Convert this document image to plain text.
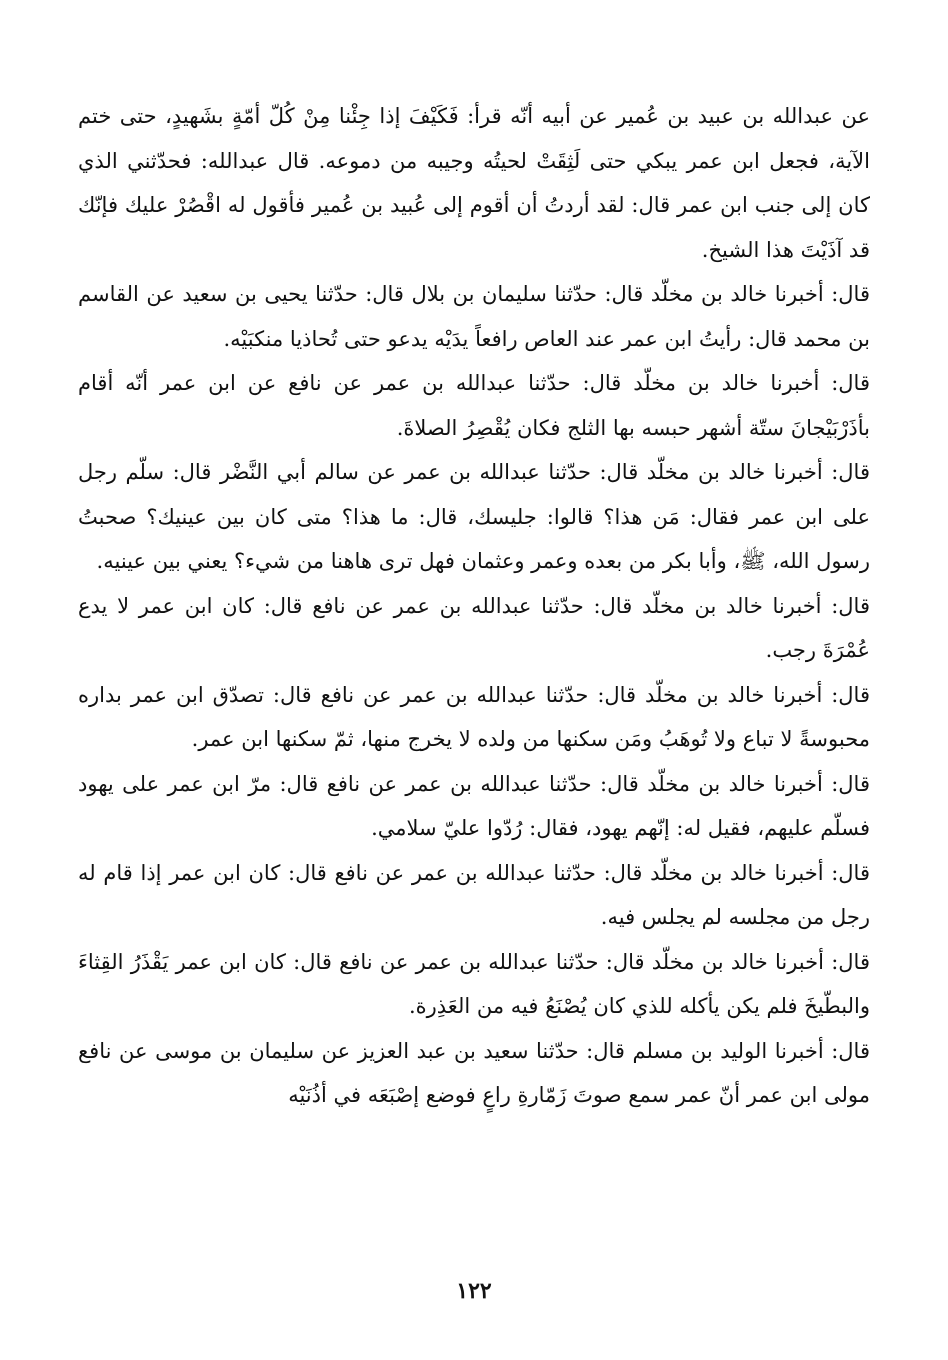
عن عبدالله بن عبيد بن عُمير عن أبيه أنّه قرأ: فَكَيْفَ إذا جِئْنا مِنْ كُلّ أمّةٍ بشَهيدٍ، حتى ختم الآية، فجعل ابن عمر يبكي حتى لَثِقَتْ لحيتُه وجيبه من دموعه. قال عبدالله: فحدّثني الذي كان إلى جنب ابن عمر قال: لقد أردتُ أن أقوم إلى عُبيد بن عُمير فأقول له اقْصُرْ عليك فإنّك قد آذَيْتَ هذا الشيخ.

قال: أخبرنا خالد بن مخلّد قال: حدّثنا سليمان بن بلال قال: حدّثنا يحيى بن سعيد عن القاسم بن محمد قال: رأيتُ ابن عمر عند العاص رافعاً يدَيْه يدعو حتى تُحاذيا منكبَيْه.

قال: أخبرنا خالد بن مخلّد قال: حدّثنا عبدالله بن عمر عن نافع عن ابن عمر أنّه أقام بأذَرْبَيْجانَ ستّة أشهر حبسه بها الثلج فكان يُقْصِرُ الصلاةَ.

قال: أخبرنا خالد بن مخلّد قال: حدّثنا عبدالله بن عمر عن سالم أبي النَّضْر قال: سلّم رجل على ابن عمر فقال: مَن هذا؟ قالوا: جليسك، قال: ما هذا؟ متى كان بين عينيك؟ صحبتُ رسول الله، ﷺ، وأبا بكر من بعده وعمر وعثمان فهل ترى هاهنا من شيء؟ يعني بين عينيه.

قال: أخبرنا خالد بن مخلّد قال: حدّثنا عبدالله بن عمر عن نافع قال: كان ابن عمر لا يدع عُمْرَةَ رجب.

قال: أخبرنا خالد بن مخلّد قال: حدّثنا عبدالله بن عمر عن نافع قال: تصدّق ابن عمر بداره محبوسةً لا تباع ولا تُوهَبُ ومَن سكنها من ولده لا يخرج منها، ثمّ سكنها ابن عمر.

قال: أخبرنا خالد بن مخلّد قال: حدّثنا عبدالله بن عمر عن نافع قال: مرّ ابن عمر على يهود فسلّم عليهم، فقيل له: إنّهم يهود، فقال: رُدّوا عليّ سلامي.

قال: أخبرنا خالد بن مخلّد قال: حدّثنا عبدالله بن عمر عن نافع قال: كان ابن عمر إذا قام له رجل من مجلسه لم يجلس فيه.

قال: أخبرنا خالد بن مخلّد قال: حدّثنا عبدالله بن عمر عن نافع قال: كان ابن عمر يَقْذَرُ القِثاءَ والبطّيخَ فلم يكن يأكله للذي كان يُصْنَعُ فيه من العَذِرة.

قال: أخبرنا الوليد بن مسلم قال: حدّثنا سعيد بن عبد العزيز عن سليمان بن موسى عن نافع مولى ابن عمر أنّ عمر سمع صوتَ زَمّارةِ راعٍ فوضع إصْبَعَه في أذُنَيْه

١٢٢
